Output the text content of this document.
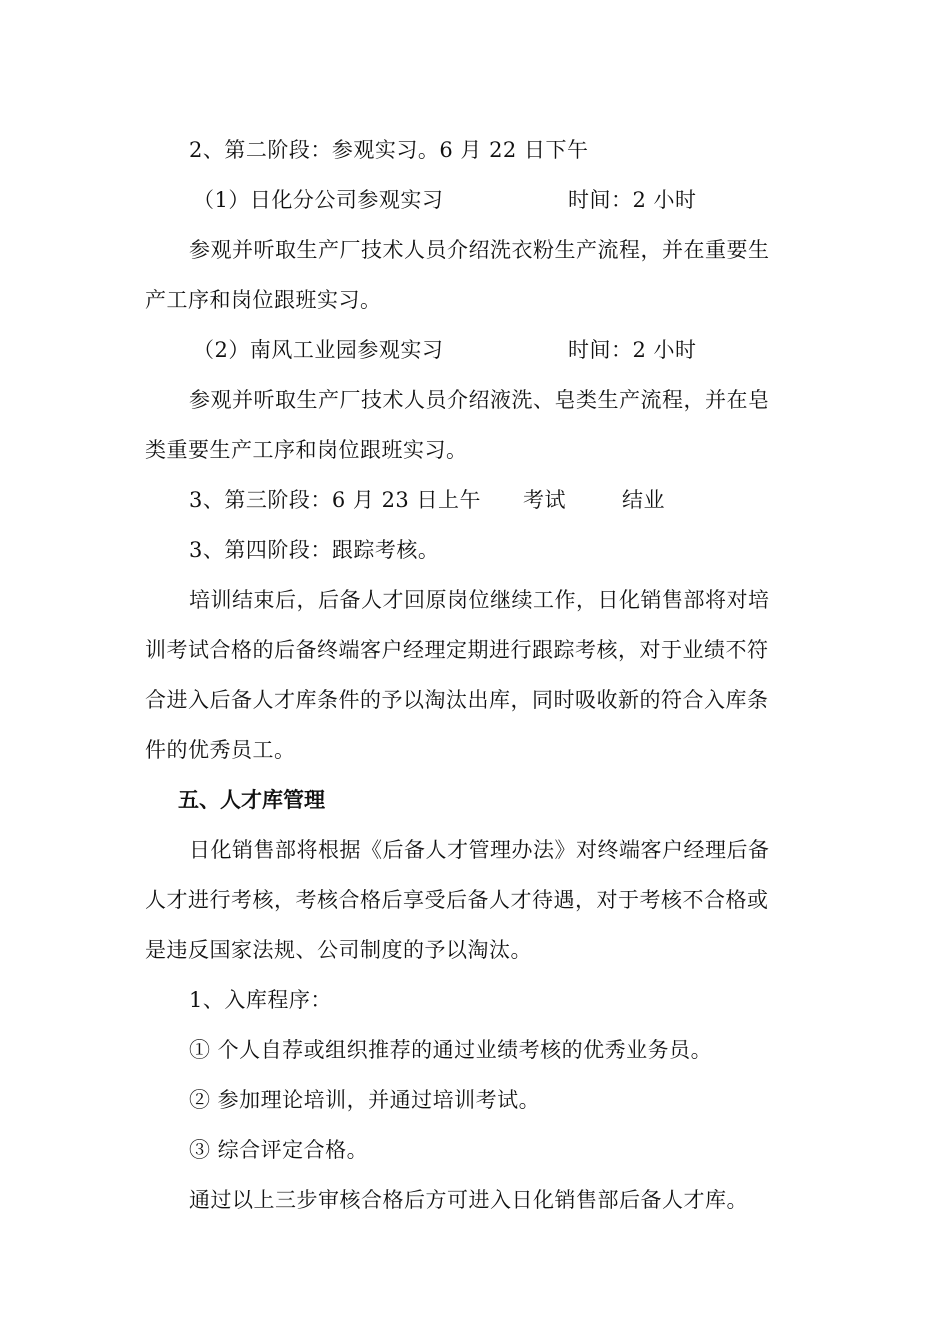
2、第二阶段：参观实习。6 月 22 日下午
（1）日化分公司参观实习	时间：2 小时
参观并听取生产厂技术人员介绍洗衣粉生产流程，并在重要生
产工序和岗位跟班实习。
（2）南风工业园参观实习	时间：2 小时
参观并听取生产厂技术人员介绍液洗、皂类生产流程，并在皂
类重要生产工序和岗位跟班实习。
3、第三阶段：6 月 23 日上午 考试	结业
3、第四阶段：跟踪考核。
培训结束后，后备人才回原岗位继续工作，日化销售部将对培
训考试合格的后备终端客户经理定期进行跟踪考核，对于业绩不符
合进入后备人才库条件的予以淘汰出库，同时吸收新的符合入库条
件的优秀员工。
五、人才库管理
日化销售部将根据《后备人才管理办法》对终端客户经理后备
人才进行考核，考核合格后享受后备人才待遇，对于考核不合格或
是违反国家法规、公司制度的予以淘汰。
1、入库程序：
① 个人自荐或组织推荐的通过业绩考核的优秀业务员。
② 参加理论培训，并通过培训考试。
③ 综合评定合格。
通过以上三步审核合格后方可进入日化销售部后备人才库。
